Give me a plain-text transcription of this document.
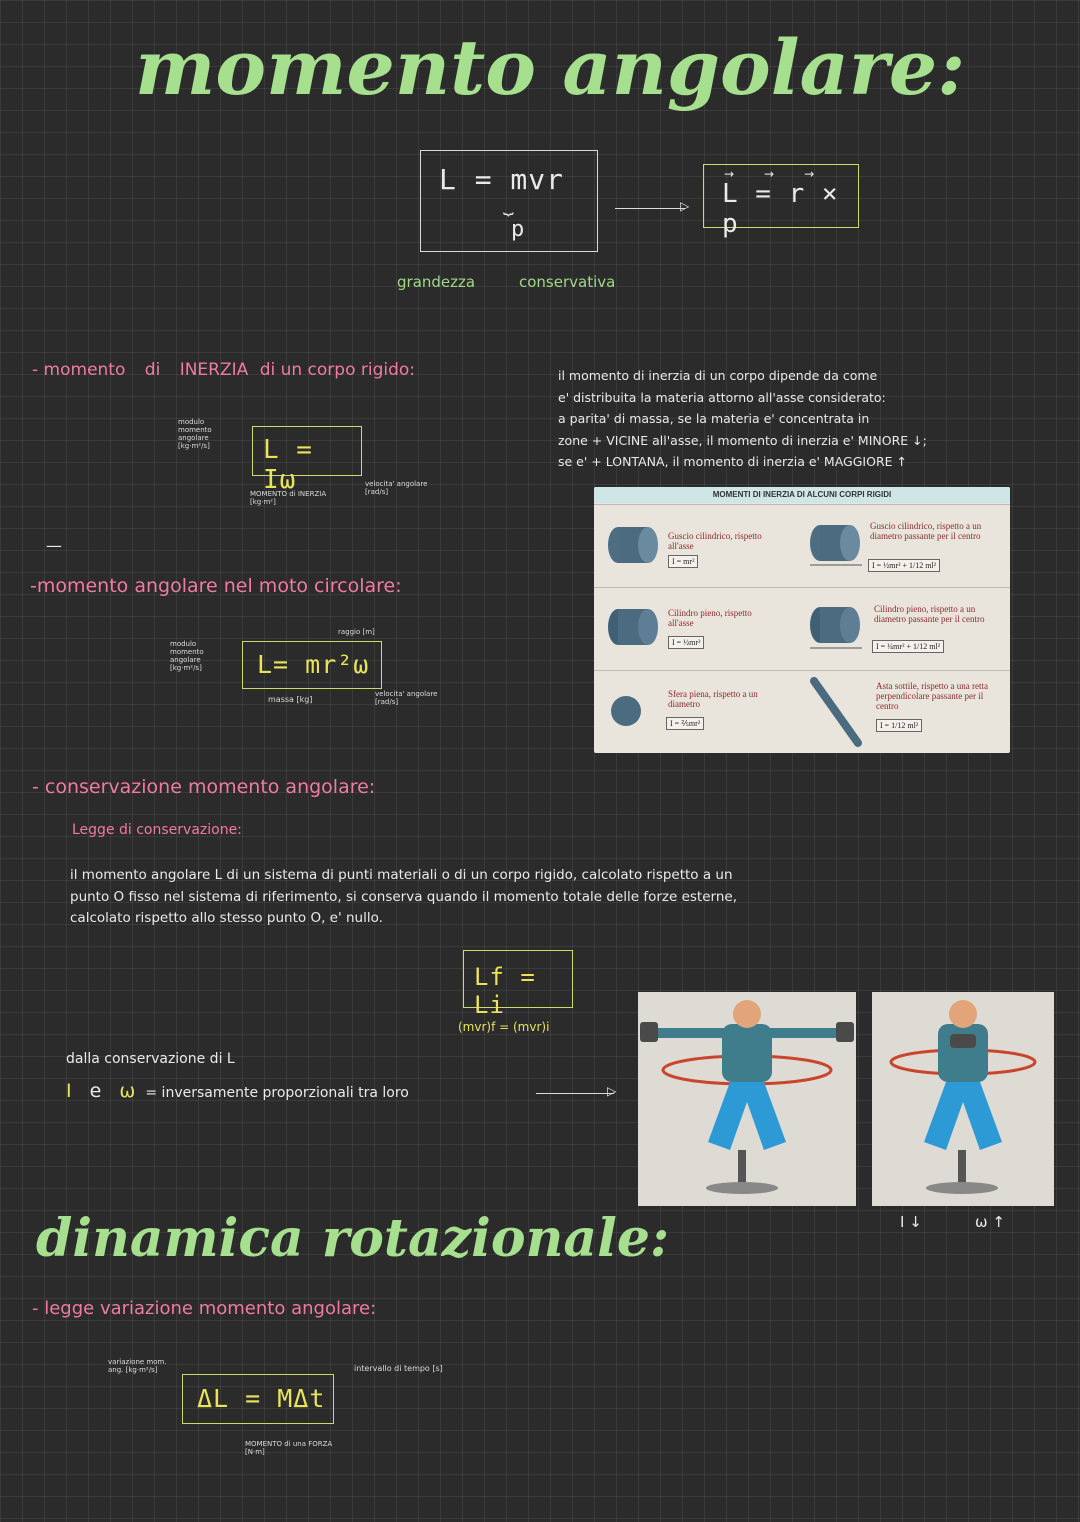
momento angolare:
L = mvr
⏟
p
▷ L = r × p
→→→
grandezza	conservativa
- momento di INERZIA di un corpo rigido:	il momento di inerzia di un corpo dipende da come
e' distribuita la materia attorno all'asse considerato:
a parita' di massa, se la materia e' concentrata in
zone + VICINE all'asse, il momento di inerzia e' MINORE ↓;
se e' + LONTANA, il momento di inerzia e' MAGGIORE ↑
modulo momento angolare [kg·m²/s]	L = Iω
MOMENTO di INERZIA [kg·m²]
velocita' angolare [rad/s]
—
-momento angolare nel moto circolare:
modulo momento angolare [kg·m²/s]	L= mr²ω
raggio [m]
massa [kg]
velocita' angolare [rad/s]
MOMENTI DI INERZIA DI ALCUNI CORPI RIGIDI
Guscio cilindrico, rispetto all'asse
I = mr²
Guscio cilindrico, rispetto a un diametro passante per il centro
I = ½mr² + 1/12 ml²
Cilindro pieno, rispetto all'asse
I = ½mr²
Cilindro pieno, rispetto a un diametro passante per il centro
I = ¼mr² + 1/12 ml²
Sfera piena, rispetto a un diametro
I = ⅖mr²
Asta sottile, rispetto a una retta perpendicolare passante per il centro
I = 1/12 ml²
- conservazione momento angolare:
Legge di conservazione:
il momento angolare L di un sistema di punti materiali o di un corpo rigido, calcolato rispetto a un
punto O fisso nel sistema di riferimento, si conserva quando il momento totale delle forze esterne,
calcolato rispetto allo stesso punto O, e' nullo.
Lf = Li
(mvr)f = (mvr)i
dalla conservazione di L
I e ω = inversamente proporzionali tra loro	▷
I ↓	ω ↑
dinamica rotazionale:
- legge variazione momento angolare:
variazione mom. ang. [kg·m²/s]
ΔL = MΔt
intervallo di tempo [s]
MOMENTO di una FORZA [N·m]
